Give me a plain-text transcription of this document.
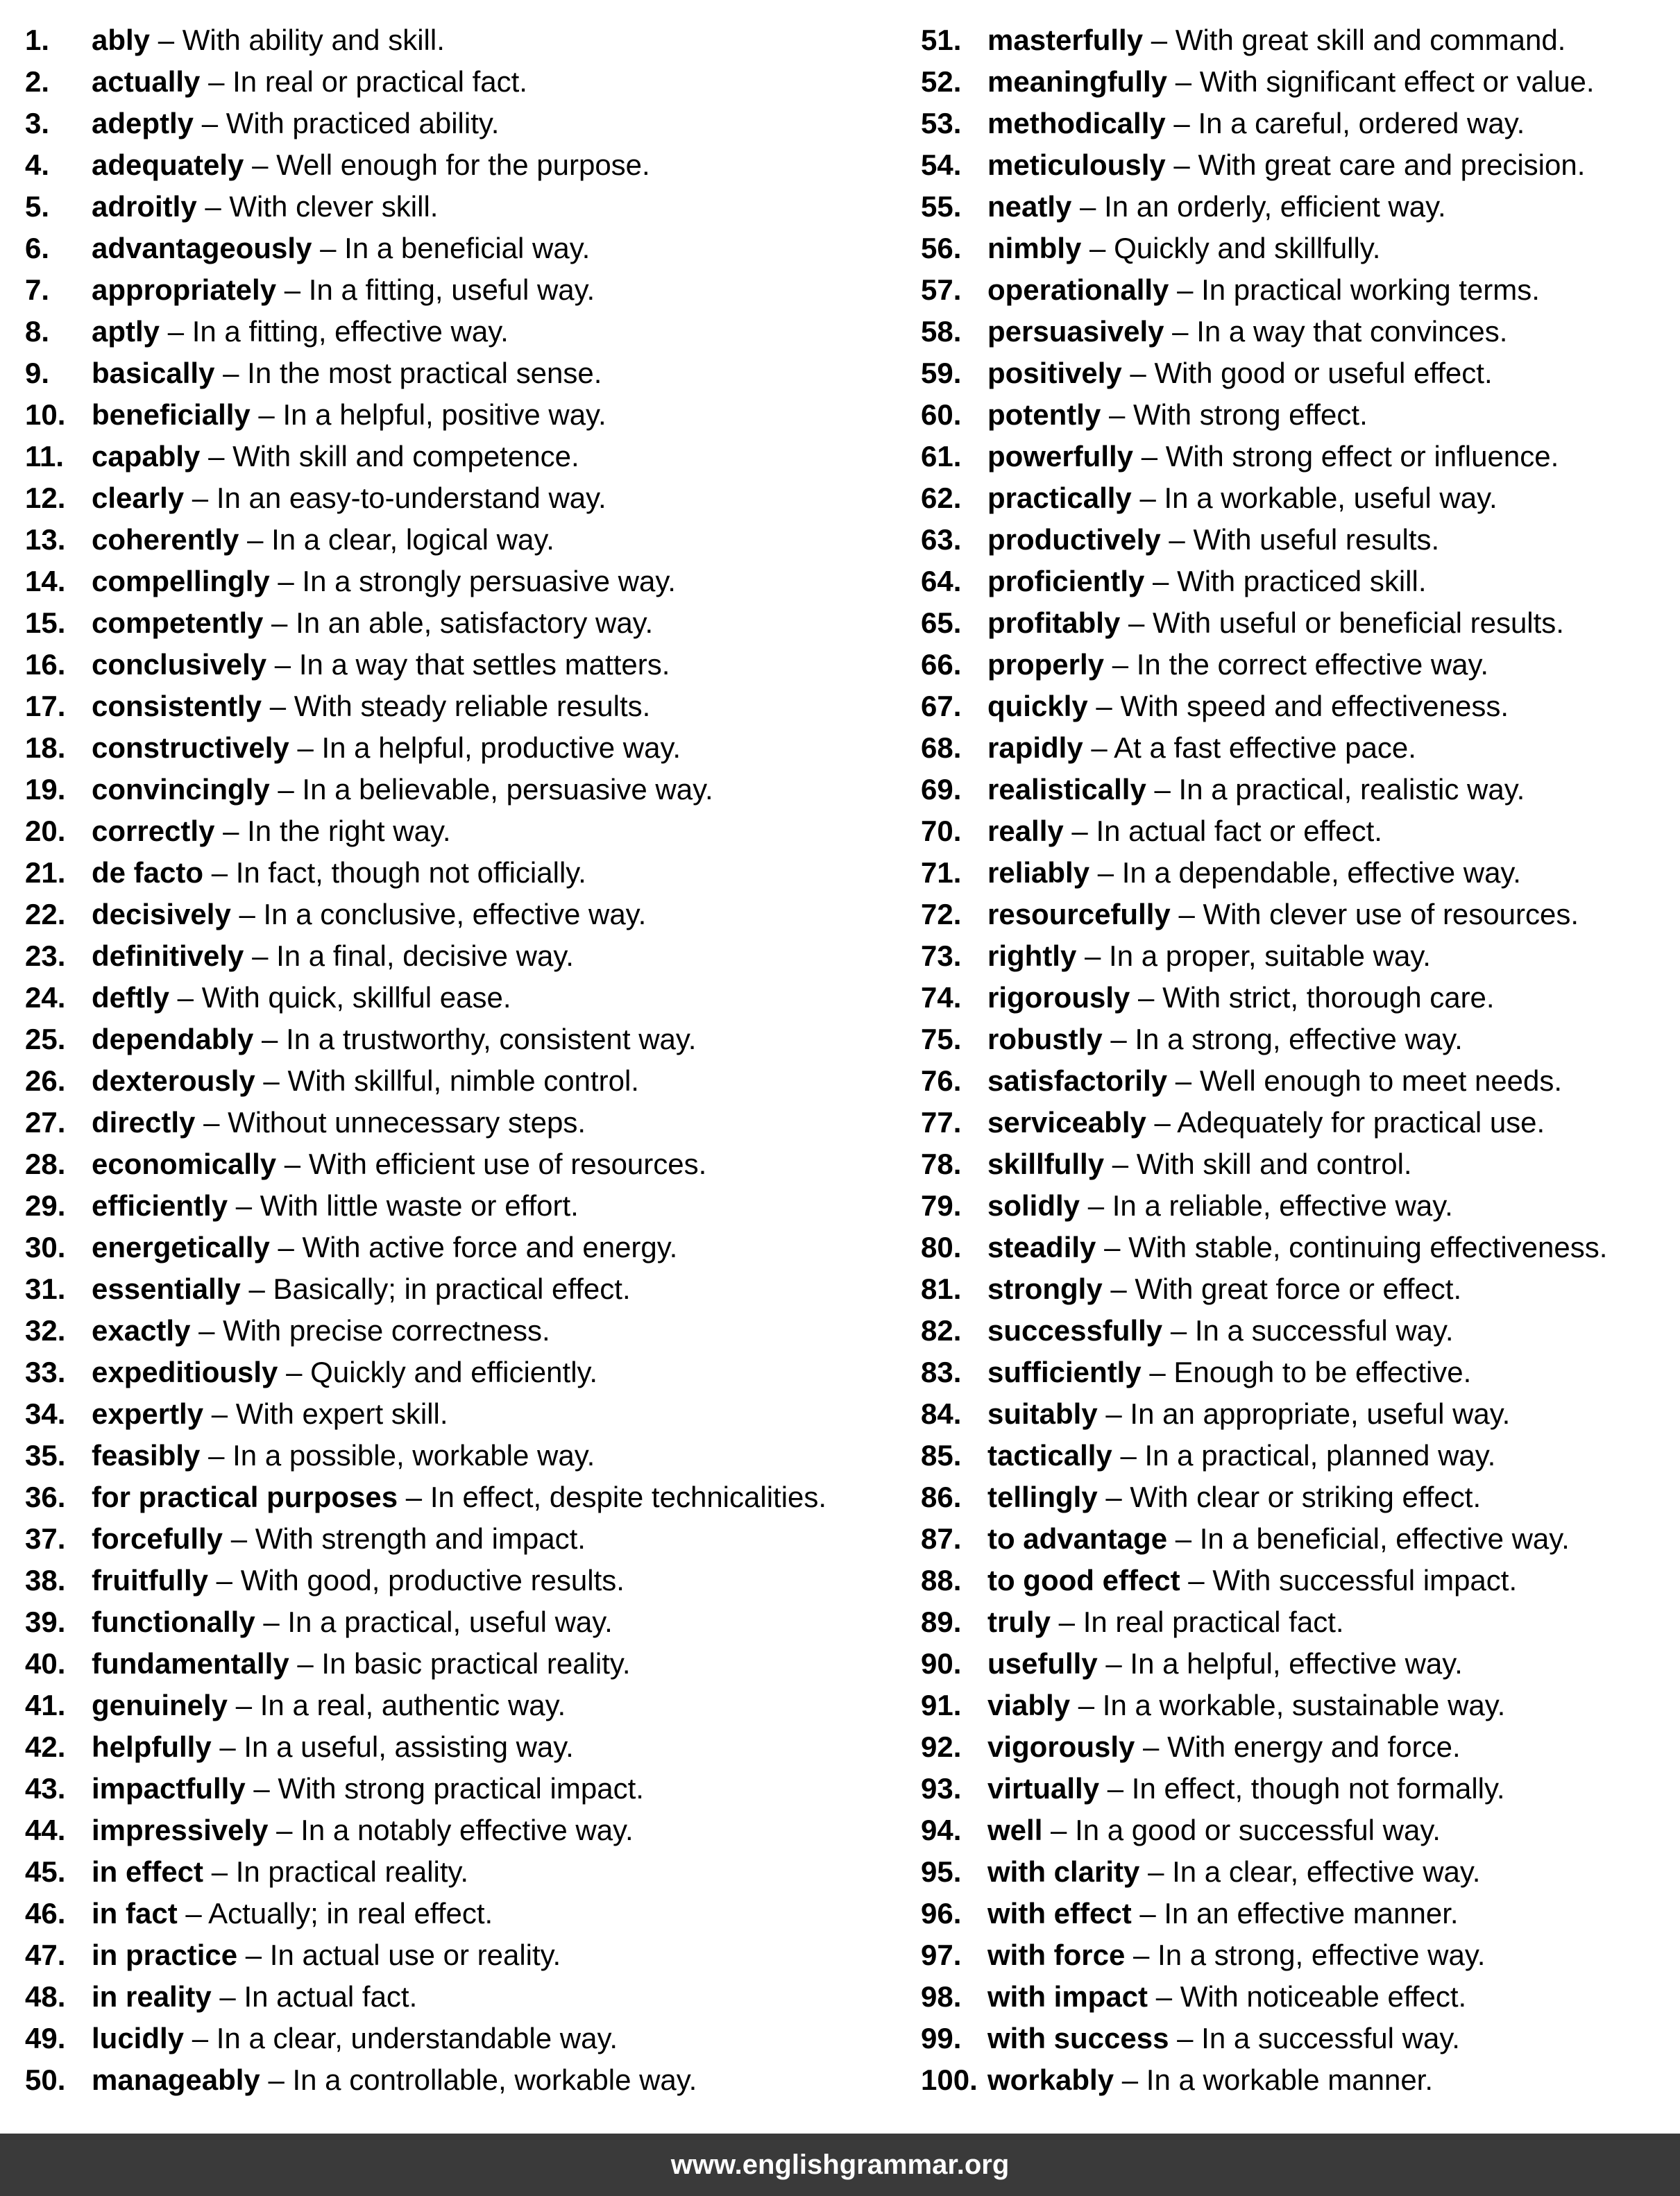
1. ably – With ability and skill.
2. actually – In real or practical fact.
3. adeptly – With practiced ability.
4. adequately – Well enough for the purpose.
5. adroitly – With clever skill.
6. advantageously – In a beneficial way.
7. appropriately – In a fitting, useful way.
8. aptly – In a fitting, effective way.
9. basically – In the most practical sense.
10. beneficially – In a helpful, positive way.
11. capably – With skill and competence.
12. clearly – In an easy-to-understand way.
13. coherently – In a clear, logical way.
14. compellingly – In a strongly persuasive way.
15. competently – In an able, satisfactory way.
16. conclusively – In a way that settles matters.
17. consistently – With steady reliable results.
18. constructively – In a helpful, productive way.
19. convincingly – In a believable, persuasive way.
20. correctly – In the right way.
21. de facto – In fact, though not officially.
22. decisively – In a conclusive, effective way.
23. definitively – In a final, decisive way.
24. deftly – With quick, skillful ease.
25. dependably – In a trustworthy, consistent way.
26. dexterously – With skillful, nimble control.
27. directly – Without unnecessary steps.
28. economically – With efficient use of resources.
29. efficiently – With little waste or effort.
30. energetically – With active force and energy.
31. essentially – Basically; in practical effect.
32. exactly – With precise correctness.
33. expeditiously – Quickly and efficiently.
34. expertly – With expert skill.
35. feasibly – In a possible, workable way.
36. for practical purposes – In effect, despite technicalities.
37. forcefully – With strength and impact.
38. fruitfully – With good, productive results.
39. functionally – In a practical, useful way.
40. fundamentally – In basic practical reality.
41. genuinely – In a real, authentic way.
42. helpfully – In a useful, assisting way.
43. impactfully – With strong practical impact.
44. impressively – In a notably effective way.
45. in effect – In practical reality.
46. in fact – Actually; in real effect.
47. in practice – In actual use or reality.
48. in reality – In actual fact.
49. lucidly – In a clear, understandable way.
50. manageably – In a controllable, workable way.
51. masterfully – With great skill and command.
52. meaningfully – With significant effect or value.
53. methodically – In a careful, ordered way.
54. meticulously – With great care and precision.
55. neatly – In an orderly, efficient way.
56. nimbly – Quickly and skillfully.
57. operationally – In practical working terms.
58. persuasively – In a way that convinces.
59. positively – With good or useful effect.
60. potently – With strong effect.
61. powerfully – With strong effect or influence.
62. practically – In a workable, useful way.
63. productively – With useful results.
64. proficiently – With practiced skill.
65. profitably – With useful or beneficial results.
66. properly – In the correct effective way.
67. quickly – With speed and effectiveness.
68. rapidly – At a fast effective pace.
69. realistically – In a practical, realistic way.
70. really – In actual fact or effect.
71. reliably – In a dependable, effective way.
72. resourcefully – With clever use of resources.
73. rightly – In a proper, suitable way.
74. rigorously – With strict, thorough care.
75. robustly – In a strong, effective way.
76. satisfactorily – Well enough to meet needs.
77. serviceably – Adequately for practical use.
78. skillfully – With skill and control.
79. solidly – In a reliable, effective way.
80. steadily – With stable, continuing effectiveness.
81. strongly – With great force or effect.
82. successfully – In a successful way.
83. sufficiently – Enough to be effective.
84. suitably – In an appropriate, useful way.
85. tactically – In a practical, planned way.
86. tellingly – With clear or striking effect.
87. to advantage – In a beneficial, effective way.
88. to good effect – With successful impact.
89. truly – In real practical fact.
90. usefully – In a helpful, effective way.
91. viably – In a workable, sustainable way.
92. vigorously – With energy and force.
93. virtually – In effect, though not formally.
94. well – In a good or successful way.
95. with clarity – In a clear, effective way.
96. with effect – In an effective manner.
97. with force – In a strong, effective way.
98. with impact – With noticeable effect.
99. with success – In a successful way.
100. workably – In a workable manner.
www.englishgrammar.org
